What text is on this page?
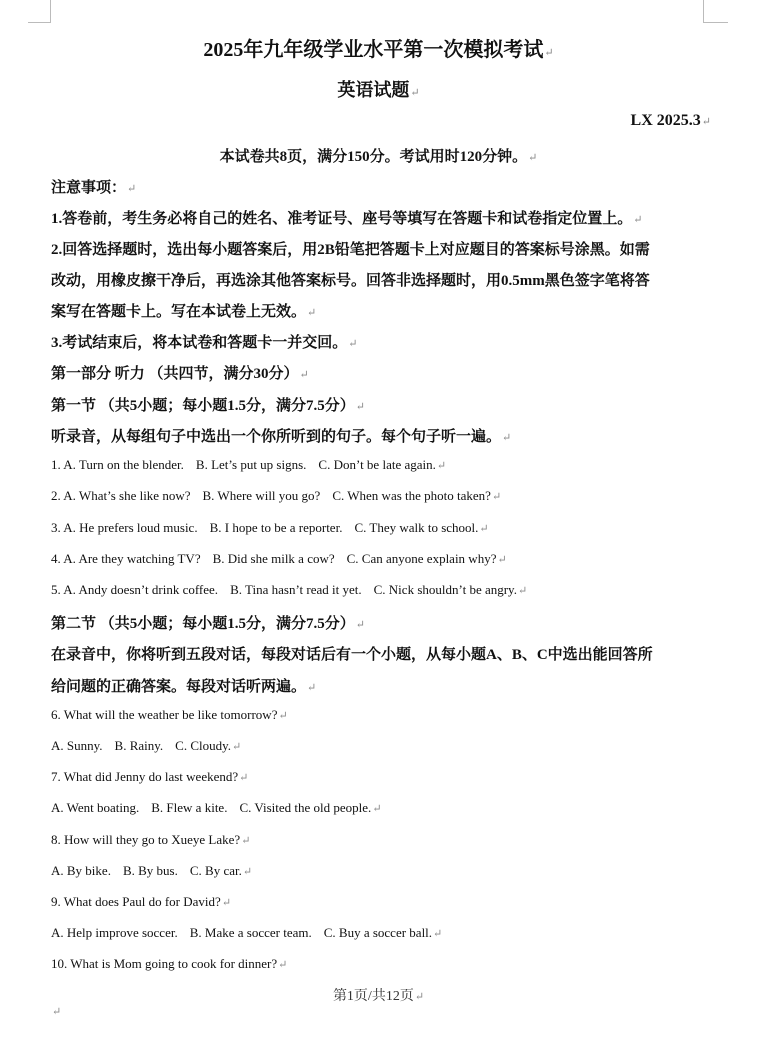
2025年九年级学业水平第一次模拟考试↵
英语试题↵
LX 2025.3↵
本试卷共8页，满分150分。考试用时120分钟。↵
注意事项：↵
1.答卷前，考生务必将自己的姓名、准考证号、座号等填写在答题卡和试卷指定位置上。↵
2.回答选择题时，选出每小题答案后，用2B铅笔把答题卡上对应题目的答案标号涂黑。如需
改动，用橡皮擦干净后，再选涂其他答案标号。回答非选择题时，用0.5mm黑色签字笔将答
案写在答题卡上。写在本试卷上无效。↵
3.考试结束后，将本试卷和答题卡一并交回。↵
第一部分 听力 （共四节，满分30分）↵
第一节 （共5小题；每小题1.5分，满分7.5分）↵
听录音，从每组句子中选出一个你所听到的句子。每个句子听一遍。↵
1. A. Turn on the blender. B. Let’s put up signs. C. Don’t be late again.↵
2. A. What’s she like now? B. Where will you go? C. When was the photo taken?↵
3. A. He prefers loud music. B. I hope to be a reporter. C. They walk to school.↵
4. A. Are they watching TV? B. Did she milk a cow? C. Can anyone explain why?↵
5. A. Andy doesn’t drink coffee. B. Tina hasn’t read it yet. C. Nick shouldn’t be angry.↵
第二节 （共5小题；每小题1.5分，满分7.5分）↵
在录音中，你将听到五段对话，每段对话后有一个小题，从每小题A、B、C中选出能回答所
给问题的正确答案。每段对话听两遍。↵
6. What will the weather be like tomorrow?↵
A. Sunny. B. Rainy. C. Cloudy.↵
7. What did Jenny do last weekend?↵
A. Went boating. B. Flew a kite. C. Visited the old people.↵
8. How will they go to Xueye Lake?↵
A. By bike. B. By bus. C. By car.↵
9. What does Paul do for David?↵
A. Help improve soccer. B. Make a soccer team. C. Buy a soccer ball.↵
10. What is Mom going to cook for dinner?↵
第1页/共12页↵
↵
